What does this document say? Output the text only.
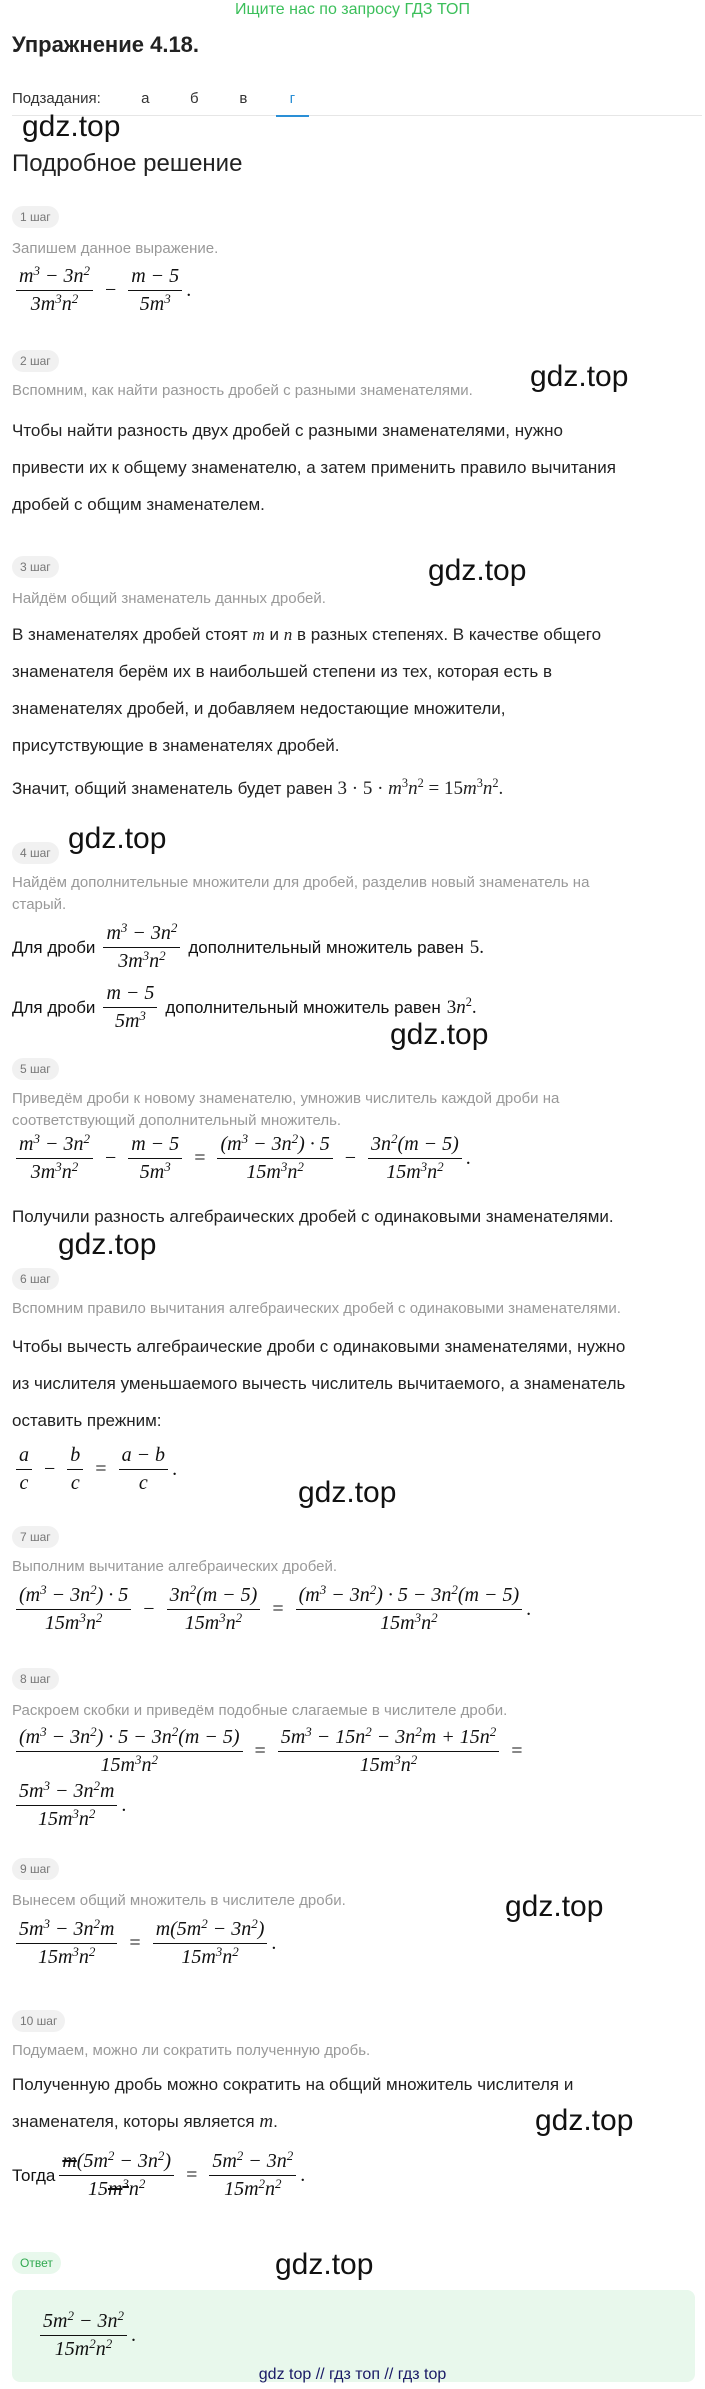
Ищите нас по запросу ГДЗ ТОП
Упражнение 4.18.
Подзадания:	а	б	в	г
gdz.top
Подробное решение
1 шаг
Запишем данное выражение.
$\frac{m^3 - 3n^2}{3m^3n^2} - \frac{m - 5}{5m^3}$ .
2 шаг
Вспомним, как найти разность дробей с разными знаменателями.	gdz.top
Чтобы найти разность двух дробей с разными знаменателями, нужно
привести их к общему знаменателю, а затем применить правило вычитания
дробей с общим знаменателем.
3 шаг	gdz.top
Найдём общий знаменатель данных дробей.
В знаменателях дробей стоят m и n в разных степенях. В качестве общего
знаменателя берём их в наибольшей степени из тех, которая есть в
знаменателях дробей, и добавляем недостающие множители,
присутствующие в знаменателях дробей.
Значит, общий знаменатель будет равен $3 \cdot 5 \cdot m^3n^2 = 15m^3n^2$.
4 шаг gdz.top
Найдём дополнительные множители для дробей, разделив новый знаменатель на
старый.
Для дроби $\frac{m^3 - 3n^2}{3m^3n^2}$ дополнительный множитель равен 5.
Для дроби $\frac{m - 5}{5m^3}$ дополнительный множитель равен $3n^2$.
gdz.top
5 шаг
Приведём дроби к новому знаменателю, умножив числитель каждой дроби на
соответствующий дополнительный множитель.
$\frac{m^3 - 3n^2}{3m^3n^2} - \frac{m - 5}{5m^3} = \frac{(m^3 - 3n^2) \cdot 5}{15m^3n^2} - \frac{3n^2(m - 5)}{15m^3n^2}$ .
Получили разность алгебраических дробей с одинаковыми знаменателями.
gdz.top
6 шаг
Вспомним правило вычитания алгебраических дробей с одинаковыми знаменателями.
Чтобы вычесть алгебраические дроби с одинаковыми знаменателями, нужно
из числителя уменьшаемого вычесть числитель вычитаемого, а знаменатель
оставить прежним:
$\frac{a}{c} - \frac{b}{c} = \frac{a - b}{c}$ .
gdz.top
7 шаг
Выполним вычитание алгебраических дробей.
$\frac{(m^3 - 3n^2) \cdot 5}{15m^3n^2} - \frac{3n^2(m - 5)}{15m^3n^2} = \frac{(m^3 - 3n^2) \cdot 5 - 3n^2(m - 5)}{15m^3n^2}$ .
8 шаг
Раскроем скобки и приведём подобные слагаемые в числителе дроби.
$\frac{(m^3 - 3n^2) \cdot 5 - 3n^2(m - 5)}{15m^3n^2} = \frac{5m^3 - 15n^2 - 3n^2m + 15n^2}{15m^3n^2}$ =
$\frac{5m^3 - 3n^2m}{15m^3n^2}$ .
9 шаг
Вынесем общий множитель в числителе дроби.	gdz.top
$\frac{5m^3 - 3n^2m}{15m^3n^2} = \frac{m(5m^2 - 3n^2)}{15m^3n^2}$ .
10 шаг
Подумаем, можно ли сократить полученную дробь.
Полученную дробь можно сократить на общий множитель числителя и
знаменателя, которы является m.	gdz.top
Тогда $\frac{m(5m^2 - 3n^2)}{15m^3n^2} = \frac{5m^2 - 3n^2}{15m^2n^2}$ .
Ответ	gdz.top
$\frac{5m^2 - 3n^2}{15m^2n^2}$ .
gdz top // гдз топ // гдз top
